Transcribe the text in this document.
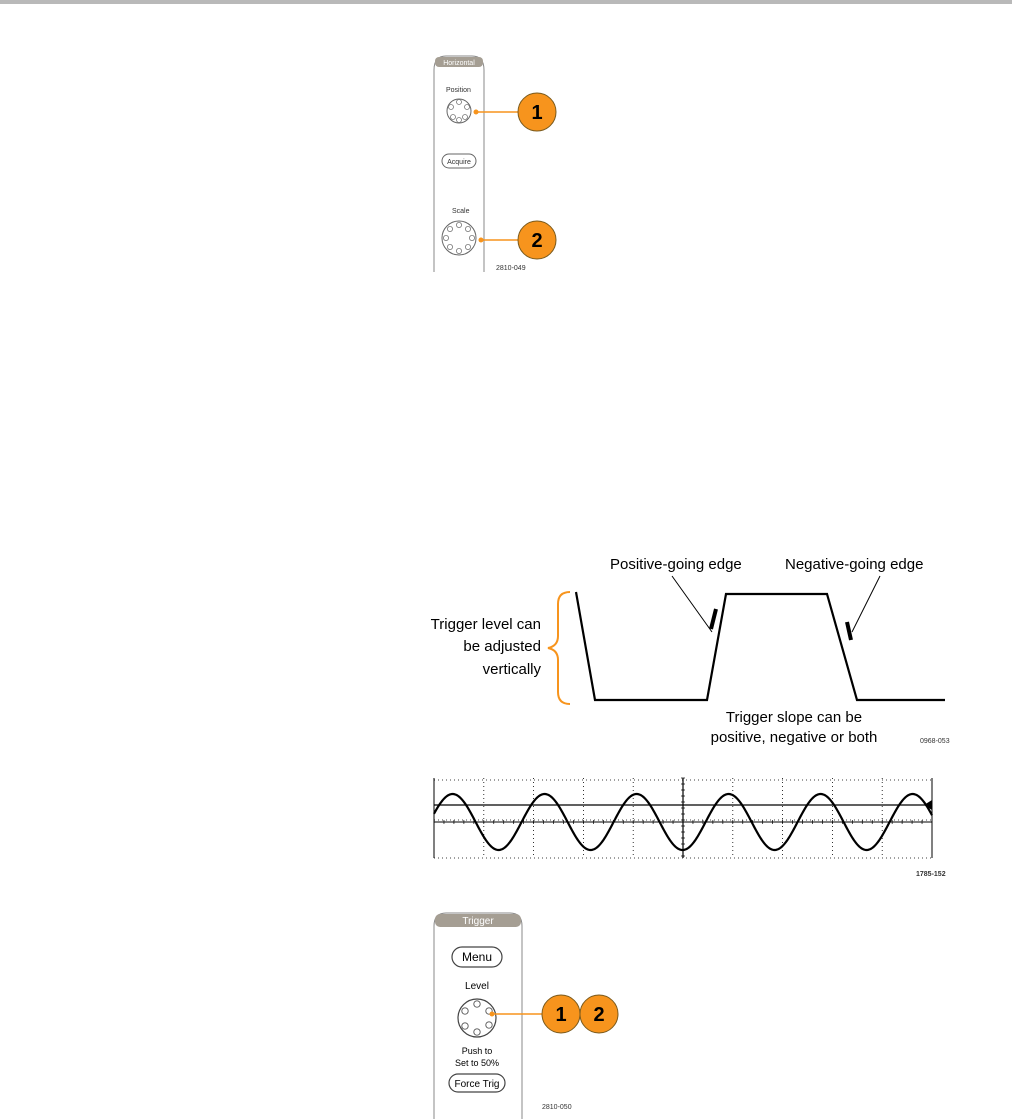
Horizontal
Position
Acquire
Scale
2810-049
1
2
Positive-going edge	Negative-going edge
Trigger level can
be adjusted
vertically
Trigger slope can be
positive, negative or both	0968-053
1785-152
Trigger
Menu
Level
Push to
Set to 50%
Force Trig
2810-050
1 2
